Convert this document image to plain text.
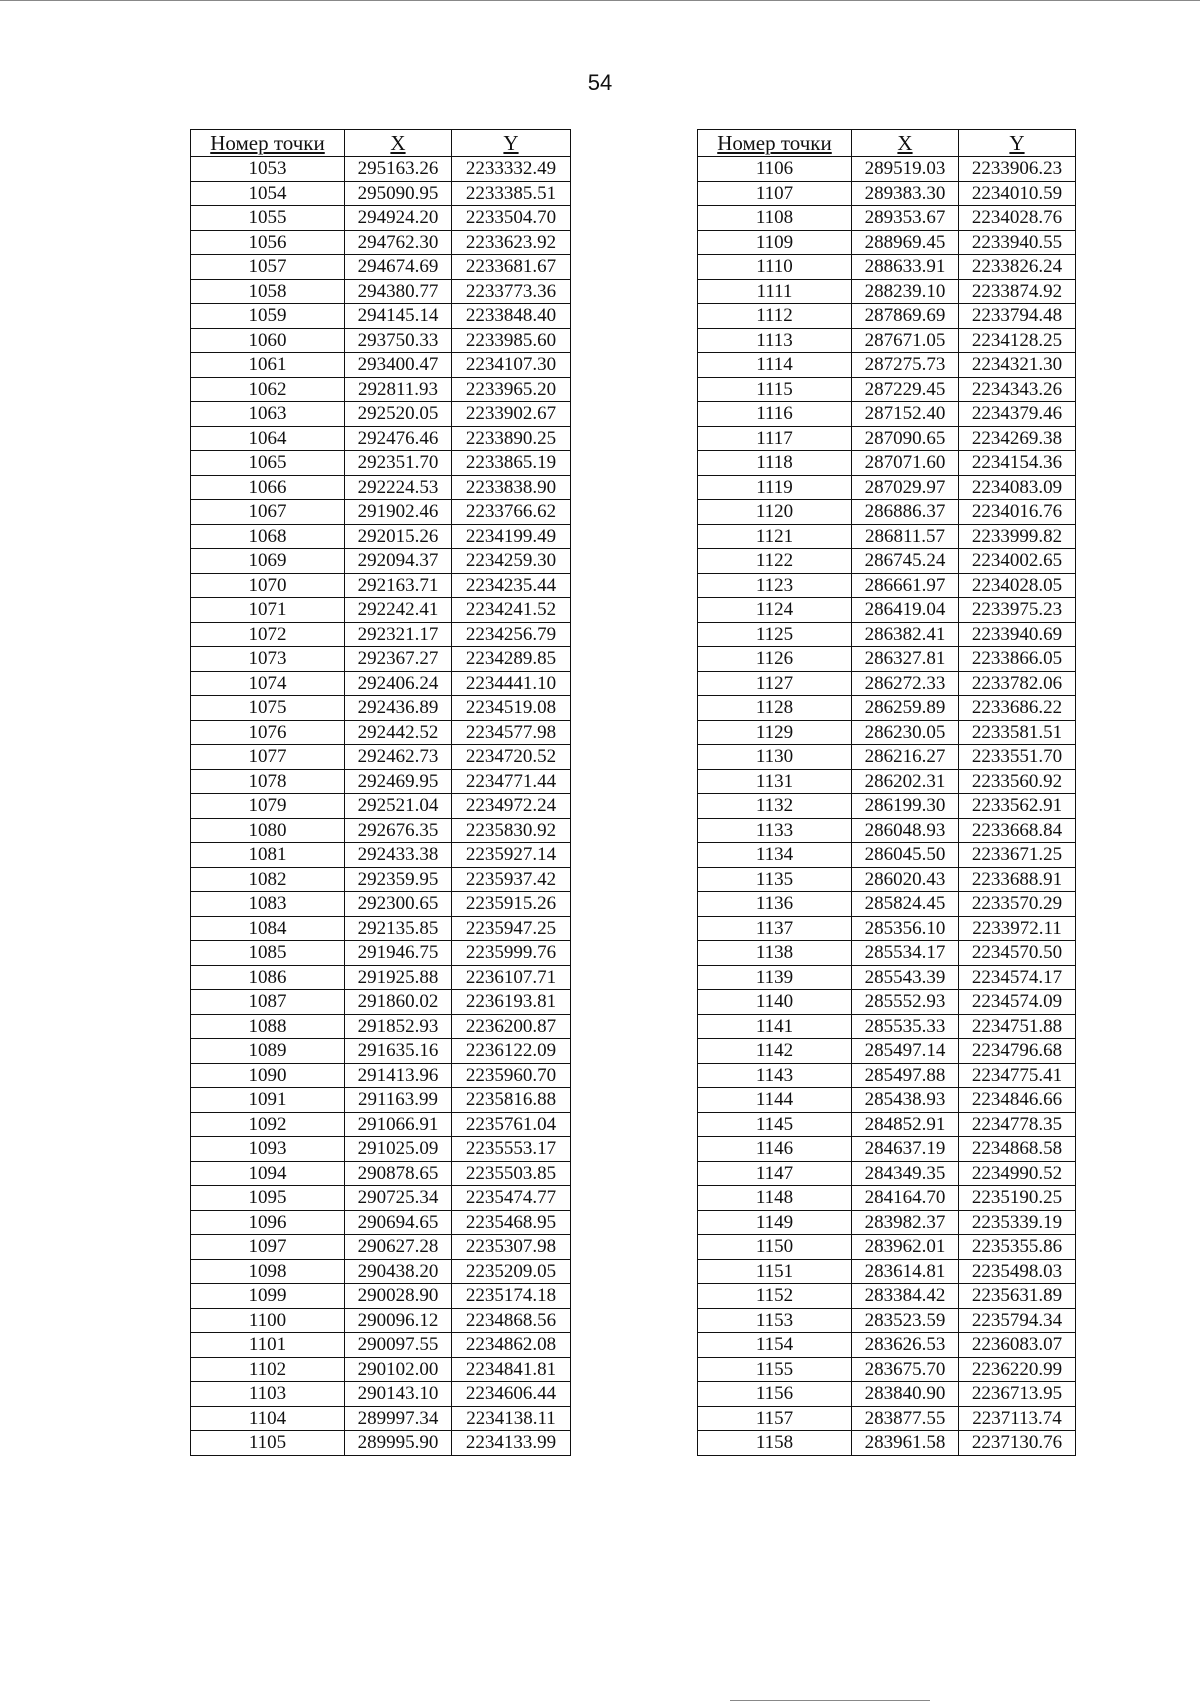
54
Номер точки	X	Y
1053	295163.26	2233332.49
1054	295090.95	2233385.51
1055	294924.20	2233504.70
1056	294762.30	2233623.92
1057	294674.69	2233681.67
1058	294380.77	2233773.36
1059	294145.14	2233848.40
1060	293750.33	2233985.60
1061	293400.47	2234107.30
1062	292811.93	2233965.20
1063	292520.05	2233902.67
1064	292476.46	2233890.25
1065	292351.70	2233865.19
1066	292224.53	2233838.90
1067	291902.46	2233766.62
1068	292015.26	2234199.49
1069	292094.37	2234259.30
1070	292163.71	2234235.44
1071	292242.41	2234241.52
1072	292321.17	2234256.79
1073	292367.27	2234289.85
1074	292406.24	2234441.10
1075	292436.89	2234519.08
1076	292442.52	2234577.98
1077	292462.73	2234720.52
1078	292469.95	2234771.44
1079	292521.04	2234972.24
1080	292676.35	2235830.92
1081	292433.38	2235927.14
1082	292359.95	2235937.42
1083	292300.65	2235915.26
1084	292135.85	2235947.25
1085	291946.75	2235999.76
1086	291925.88	2236107.71
1087	291860.02	2236193.81
1088	291852.93	2236200.87
1089	291635.16	2236122.09
1090	291413.96	2235960.70
1091	291163.99	2235816.88
1092	291066.91	2235761.04
1093	291025.09	2235553.17
1094	290878.65	2235503.85
1095	290725.34	2235474.77
1096	290694.65	2235468.95
1097	290627.28	2235307.98
1098	290438.20	2235209.05
1099	290028.90	2235174.18
1100	290096.12	2234868.56
1101	290097.55	2234862.08
1102	290102.00	2234841.81
1103	290143.10	2234606.44
1104	289997.34	2234138.11
1105	289995.90	2234133.99
Номер точки	X	Y
1106	289519.03	2233906.23
1107	289383.30	2234010.59
1108	289353.67	2234028.76
1109	288969.45	2233940.55
1110	288633.91	2233826.24
1111	288239.10	2233874.92
1112	287869.69	2233794.48
1113	287671.05	2234128.25
1114	287275.73	2234321.30
1115	287229.45	2234343.26
1116	287152.40	2234379.46
1117	287090.65	2234269.38
1118	287071.60	2234154.36
1119	287029.97	2234083.09
1120	286886.37	2234016.76
1121	286811.57	2233999.82
1122	286745.24	2234002.65
1123	286661.97	2234028.05
1124	286419.04	2233975.23
1125	286382.41	2233940.69
1126	286327.81	2233866.05
1127	286272.33	2233782.06
1128	286259.89	2233686.22
1129	286230.05	2233581.51
1130	286216.27	2233551.70
1131	286202.31	2233560.92
1132	286199.30	2233562.91
1133	286048.93	2233668.84
1134	286045.50	2233671.25
1135	286020.43	2233688.91
1136	285824.45	2233570.29
1137	285356.10	2233972.11
1138	285534.17	2234570.50
1139	285543.39	2234574.17
1140	285552.93	2234574.09
1141	285535.33	2234751.88
1142	285497.14	2234796.68
1143	285497.88	2234775.41
1144	285438.93	2234846.66
1145	284852.91	2234778.35
1146	284637.19	2234868.58
1147	284349.35	2234990.52
1148	284164.70	2235190.25
1149	283982.37	2235339.19
1150	283962.01	2235355.86
1151	283614.81	2235498.03
1152	283384.42	2235631.89
1153	283523.59	2235794.34
1154	283626.53	2236083.07
1155	283675.70	2236220.99
1156	283840.90	2236713.95
1157	283877.55	2237113.74
1158	283961.58	2237130.76
